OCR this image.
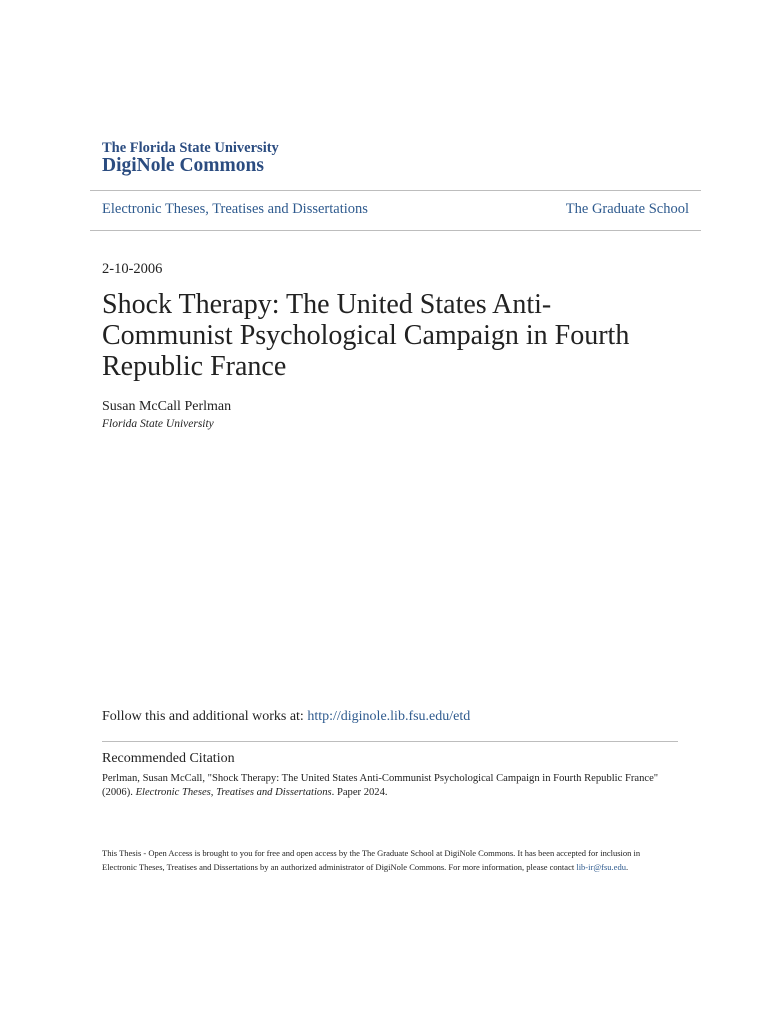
The Florida State University
DigiNole Commons
Electronic Theses, Treatises and Dissertations	The Graduate School
2-10-2006
Shock Therapy: The United States Anti-Communist Psychological Campaign in Fourth Republic France
Susan McCall Perlman
Florida State University
Follow this and additional works at: http://diginole.lib.fsu.edu/etd
Recommended Citation
Perlman, Susan McCall, "Shock Therapy: The United States Anti-Communist Psychological Campaign in Fourth Republic France" (2006). Electronic Theses, Treatises and Dissertations. Paper 2024.
This Thesis - Open Access is brought to you for free and open access by the The Graduate School at DigiNole Commons. It has been accepted for inclusion in Electronic Theses, Treatises and Dissertations by an authorized administrator of DigiNole Commons. For more information, please contact lib-ir@fsu.edu.
